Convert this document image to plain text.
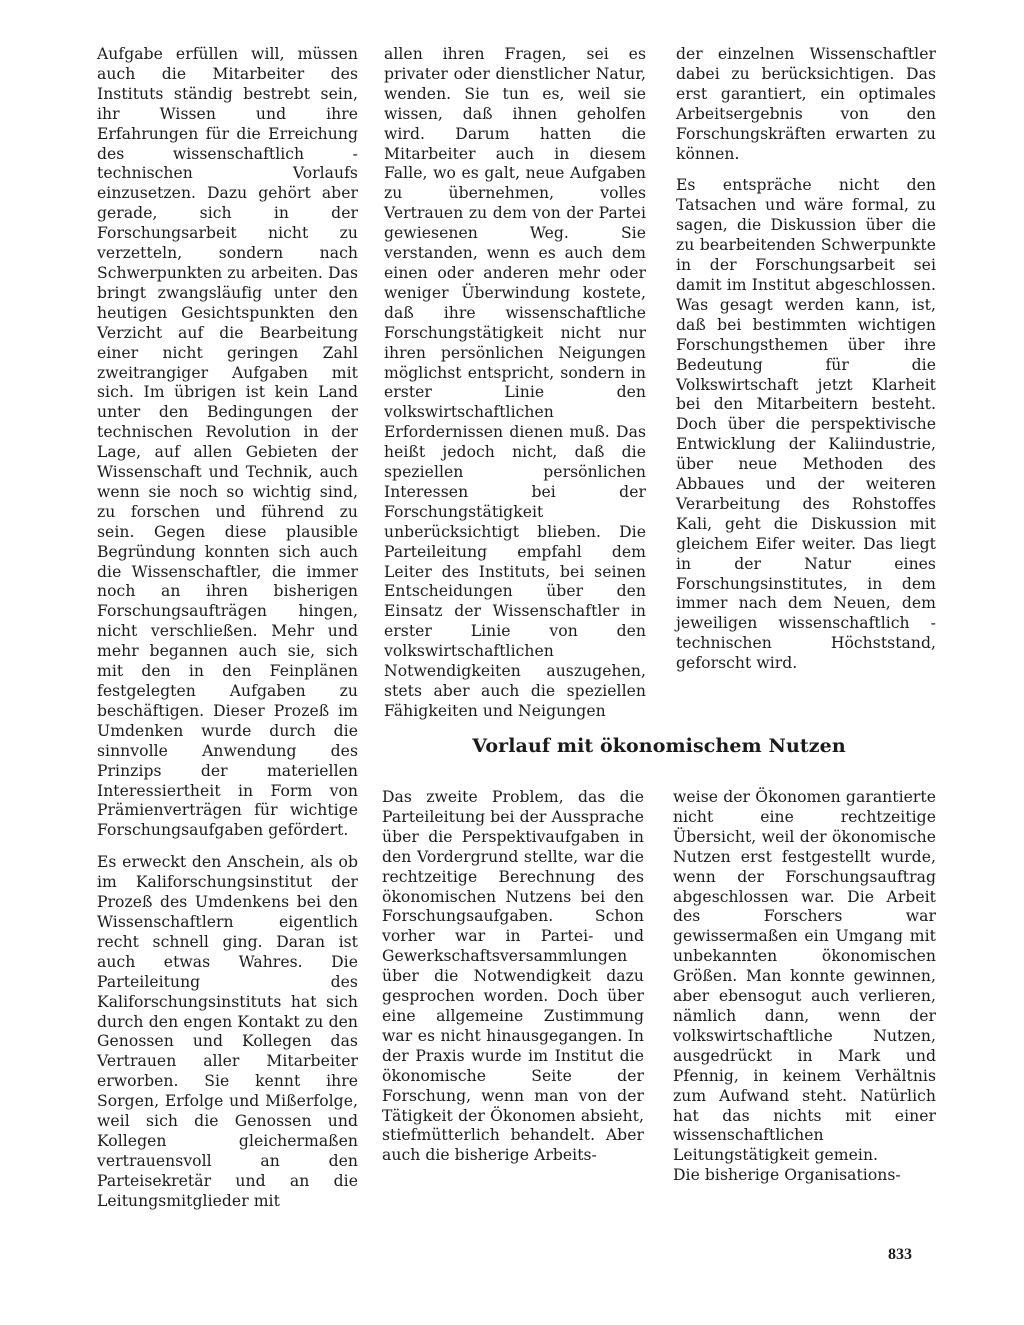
Aufgabe erfüllen will, müssen auch die Mitarbeiter des Instituts ständig bestrebt sein, ihr Wissen und ihre Erfahrungen für die Erreichung des wissenschaftlich - technischen Vorlaufs einzusetzen. Dazu gehört aber gerade, sich in der Forschungsarbeit nicht zu verzetteln, sondern nach Schwerpunkten zu arbeiten. Das bringt zwangsläufig unter den heutigen Gesichtspunkten den Verzicht auf die Bearbeitung einer nicht geringen Zahl zweitrangiger Aufgaben mit sich. Im übrigen ist kein Land unter den Bedingungen der technischen Revolution in der Lage, auf allen Gebieten der Wissenschaft und Technik, auch wenn sie noch so wichtig sind, zu forschen und führend zu sein. Gegen diese plausible Begründung konnten sich auch die Wissenschaftler, die immer noch an ihren bisherigen Forschungsaufträgen hingen, nicht verschließen. Mehr und mehr begannen auch sie, sich mit den in den Feinplänen festgelegten Aufgaben zu beschäftigen. Dieser Prozeß im Umdenken wurde durch die sinnvolle Anwendung des Prinzips der materiellen Interessiertheit in Form von Prämienverträgen für wichtige Forschungsaufgaben gefördert.

Es erweckt den Anschein, als ob im Kaliforschungsinstitut der Prozeß des Umdenkens bei den Wissenschaftlern eigentlich recht schnell ging. Daran ist auch etwas Wahres. Die Parteileitung des Kaliforschungsinstituts hat sich durch den engen Kontakt zu den Genossen und Kollegen das Vertrauen aller Mitarbeiter erworben. Sie kennt ihre Sorgen, Erfolge und Mißerfolge, weil sich die Genossen und Kollegen gleichermaßen vertrauensvoll an den Parteisekretär und an die Leitungsmitglieder mit

allen ihren Fragen, sei es privater oder dienstlicher Natur, wenden. Sie tun es, weil sie wissen, daß ihnen geholfen wird. Darum hatten die Mitarbeiter auch in diesem Falle, wo es galt, neue Aufgaben zu übernehmen, volles Vertrauen zu dem von der Partei gewiesenen Weg. Sie verstanden, wenn es auch dem einen oder anderen mehr oder weniger Überwindung kostete, daß ihre wissenschaftliche Forschungstätigkeit nicht nur ihren persönlichen Neigungen möglichst entspricht, sondern in erster Linie den volkswirtschaftlichen Erfordernissen dienen muß. Das heißt jedoch nicht, daß die speziellen persönlichen Interessen bei der Forschungstätigkeit unberücksichtigt blieben. Die Parteileitung empfahl dem Leiter des Instituts, bei seinen Entscheidungen über den Einsatz der Wissenschaftler in erster Linie von den volkswirtschaftlichen Notwendigkeiten auszugehen, stets aber auch die speziellen Fähigkeiten und Neigungen

der einzelnen Wissenschaftler dabei zu berücksichtigen. Das erst garantiert, ein optimales Arbeitsergebnis von den Forschungskräften erwarten zu können.

Es entspräche nicht den Tatsachen und wäre formal, zu sagen, die Diskussion über die zu bearbeitenden Schwerpunkte in der Forschungsarbeit sei damit im Institut abgeschlossen. Was gesagt werden kann, ist, daß bei bestimmten wichtigen Forschungsthemen über ihre Bedeutung für die Volkswirtschaft jetzt Klarheit bei den Mitarbeitern besteht. Doch über die perspektivische Entwicklung der Kaliindustrie, über neue Methoden des Abbaues und der weiteren Verarbeitung des Rohstoffes Kali, geht die Diskussion mit gleichem Eifer weiter. Das liegt in der Natur eines Forschungsinstitutes, in dem immer nach dem Neuen, dem jeweiligen wissenschaftlich - technischen Höchststand, geforscht wird.

Vorlauf mit ökonomischem Nutzen

Das zweite Problem, das die Parteileitung bei der Aussprache über die Perspektivaufgaben in den Vordergrund stellte, war die rechtzeitige Berechnung des ökonomischen Nutzens bei den Forschungsaufgaben. Schon vorher war in Partei- und Gewerkschaftsversammlungen über die Notwendigkeit dazu gesprochen worden. Doch über eine allgemeine Zustimmung war es nicht hinausgegangen. In der Praxis wurde im Institut die ökonomische Seite der Forschung, wenn man von der Tätigkeit der Ökonomen absieht, stiefmütterlich behandelt. Aber auch die bisherige Arbeits-

weise der Ökonomen garantierte nicht eine rechtzeitige Übersicht, weil der ökonomische Nutzen erst festgestellt wurde, wenn der Forschungsauftrag abgeschlossen war. Die Arbeit des Forschers war gewissermaßen ein Umgang mit unbekannten ökonomischen Größen. Man konnte gewinnen, aber ebensogut auch verlieren, nämlich dann, wenn der volkswirtschaftliche Nutzen, ausgedrückt in Mark und Pfennig, in keinem Verhältnis zum Aufwand steht. Natürlich hat das nichts mit einer wissenschaftlichen Leitungstätigkeit gemein.

Die bisherige Organisations-

833
